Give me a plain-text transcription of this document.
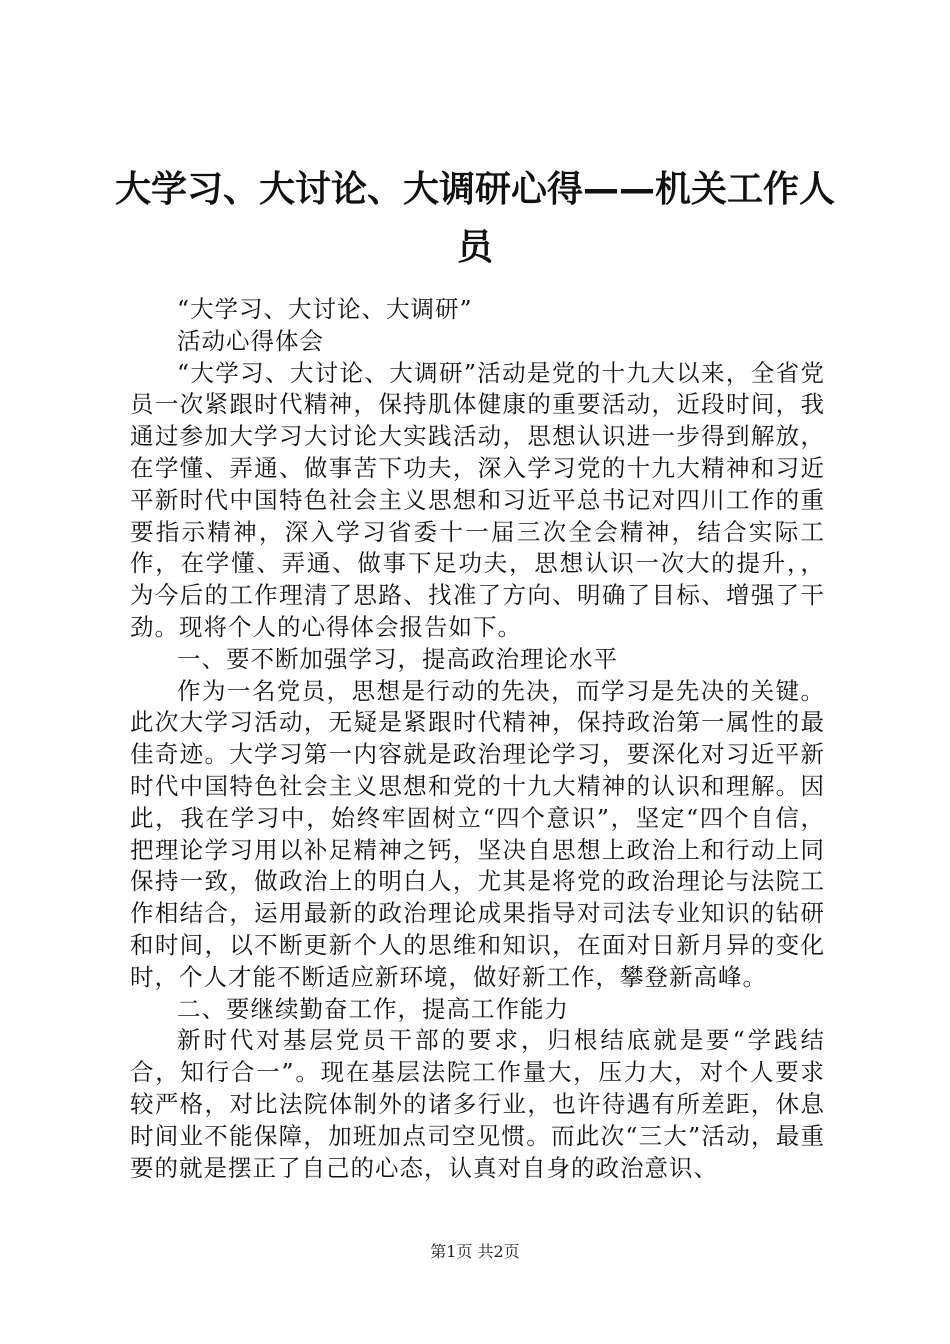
大学习、大讨论、大调研心得——机关工作人
员

“大学习、大讨论、大调研”

活动心得体会

“大学习、大讨论、大调研”活动是党的十九大以来，全省党员一次紧跟时代精神，保持肌体健康的重要活动，近段时间，我通过参加大学习大讨论大实践活动，思想认识进一步得到解放，在学懂、弄通、做事苦下功夫，深入学习党的十九大精神和习近平新时代中国特色社会主义思想和习近平总书记对四川工作的重要指示精神，深入学习省委十一届三次全会精神，结合实际工作，在学懂、弄通、做事下足功夫，思想认识一次大的提升，，为今后的工作理清了思路、找准了方向、明确了目标、增强了干劲。现将个人的心得体会报告如下。

一、要不断加强学习，提高政治理论水平

作为一名党员，思想是行动的先决，而学习是先决的关键。此次大学习活动，无疑是紧跟时代精神，保持政治第一属性的最佳奇迹。大学习第一内容就是政治理论学习，要深化对习近平新时代中国特色社会主义思想和党的十九大精神的认识和理解。因此，我在学习中，始终牢固树立“四个意识”，坚定“四个自信，把理论学习用以补足精神之钙，坚决自思想上政治上和行动上同保持一致，做政治上的明白人，尤其是将党的政治理论与法院工作相结合，运用最新的政治理论成果指导对司法专业知识的钻研和时间，以不断更新个人的思维和知识，在面对日新月异的变化时，个人才能不断适应新环境，做好新工作，攀登新高峰。

二、要继续勤奋工作，提高工作能力

新时代对基层党员干部的要求，归根结底就是要“学践结合，知行合一”。现在基层法院工作量大，压力大，对个人要求较严格，对比法院体制外的诸多行业，也许待遇有所差距，休息时间业不能保障，加班加点司空见惯。而此次“三大”活动，最重要的就是摆正了自己的心态，认真对自身的政治意识、

第1页 共2页
